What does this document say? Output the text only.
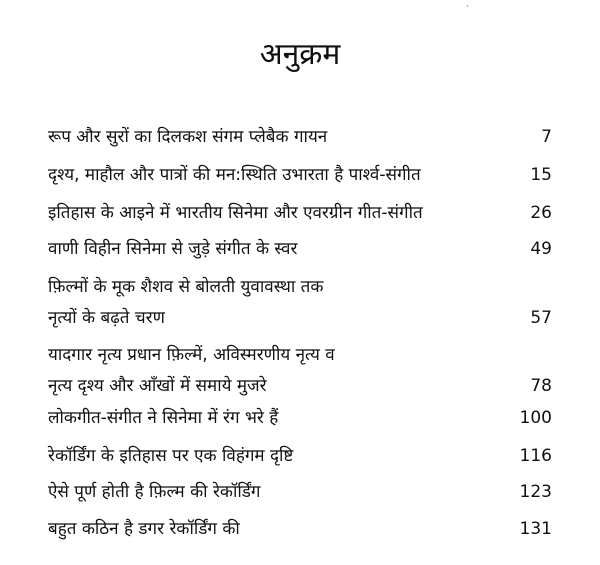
·
अनुक्रम
रूप और सुरों का दिलकश संगम प्लेबैक गायन	7
दृश्य, माहौल और पात्रों की मन:स्थिति उभारता है पार्श्व-संगीत	15
इतिहास के आइने में भारतीय सिनेमा और एवरग्रीन गीत-संगीत	26
वाणी विहीन सिनेमा से जुड़े संगीत के स्वर	49
फ़िल्मों के मूक शैशव से बोलती युवावस्था तक
नृत्यों के बढ़ते चरण	57
यादगार नृत्य प्रधान फ़िल्में, अविस्मरणीय नृत्य व
नृत्य दृश्य और आँखों में समाये मुजरे	78
लोकगीत-संगीत ने सिनेमा में रंग भरे हैं	100
रेकॉर्डिंग के इतिहास पर एक विहंगम दृष्टि	116
ऐसे पूर्ण होती है फ़िल्म की रेकॉर्डिंग	123
बहुत कठिन है डगर रेकॉर्डिंग की	131
